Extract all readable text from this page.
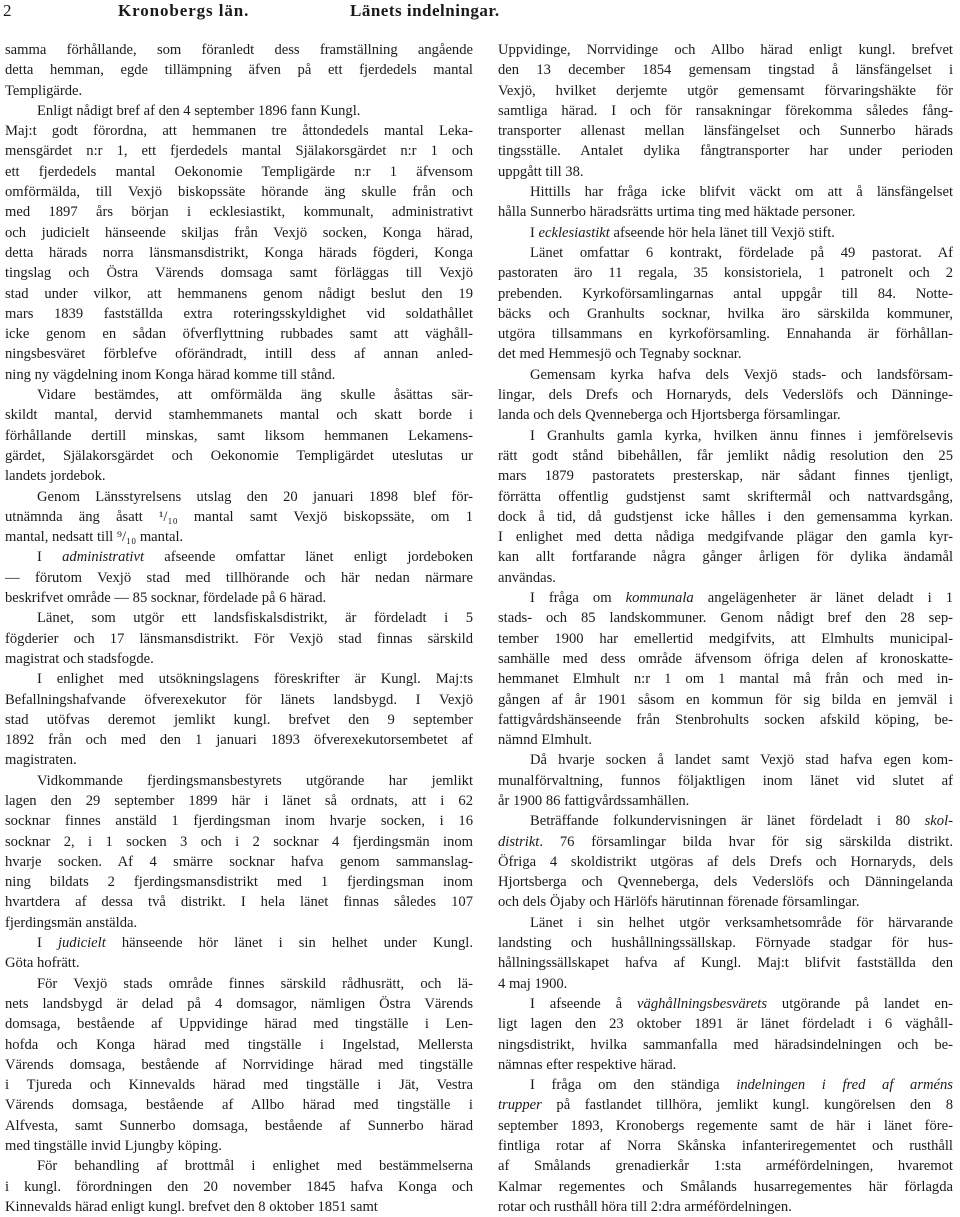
2	Kronobergs län.	Länets indelningar.
samma förhållande, som föranledt dess framställning angående
detta hemman, egde tillämpning äfven på ett fjerdedels mantal
Templigärde.
Enligt nådigt bref af den 4 september 1896 fann Kungl.
Maj:t godt förordna, att hemmanen tre åttondedels mantal Leka-
mensgärdet n:r 1, ett fjerdedels mantal Själakorsgärdet n:r 1 och
ett fjerdedels mantal Oekonomie Templigärde n:r 1 äfvensom
omförmälda, till Vexjö biskopssäte hörande äng skulle från och
med 1897 års början i ecklesiastikt, kommunalt, administrativt
och judicielt hänseende skiljas från Vexjö socken, Konga härad,
detta härads norra länsmansdistrikt, Konga härads fögderi, Konga
tingslag och Östra Värends domsaga samt förläggas till Vexjö
stad under vilkor, att hemmanens genom nådigt beslut den 19
mars 1839 fastställda extra roteringsskyldighet vid soldathållet
icke genom en sådan öfverflyttning rubbades samt att väghåll-
ningsbesväret förblefve oförändradt, intill dess af annan anled-
ning ny vägdelning inom Konga härad komme till stånd.
Vidare bestämdes, att omförmälda äng skulle åsättas sär-
skildt mantal, dervid stamhemmanets mantal och skatt borde i
förhållande dertill minskas, samt liksom hemmanen Lekamens-
gärdet, Själakorsgärdet och Oekonomie Templigärdet uteslutas ur
landets jordebok.
Genom Länsstyrelsens utslag den 20 januari 1898 blef för-
utnämnda äng åsatt ¹/₁₀ mantal samt Vexjö biskopssäte, om 1
mantal, nedsatt till ⁹/₁₀ mantal.
I administrativt afseende omfattar länet enligt jordeboken
— förutom Vexjö stad med tillhörande och här nedan närmare
beskrifvet område — 85 socknar, fördelade på 6 härad.
Länet, som utgör ett landsfiskalsdistrikt, är fördeladt i 5
fögderier och 17 länsmansdistrikt. För Vexjö stad finnas särskild
magistrat och stadsfogde.
I enlighet med utsökningslagens föreskrifter är Kungl. Maj:ts
Befallningshafvande öfverexekutor för länets landsbygd. I Vexjö
stad utöfvas deremot jemlikt kungl. brefvet den 9 september
1892 från och med den 1 januari 1893 öfverexekutorsembetet af
magistraten.
Vidkommande fjerdingsmansbestyrets utgörande har jemlikt
lagen den 29 september 1899 här i länet så ordnats, att i 62
socknar finnes anstäld 1 fjerdingsman inom hvarje socken, i 16
socknar 2, i 1 socken 3 och i 2 socknar 4 fjerdingsmän inom
hvarje socken. Af 4 smärre socknar hafva genom sammanslag-
ning bildats 2 fjerdingsmansdistrikt med 1 fjerdingsman inom
hvartdera af dessa två distrikt. I hela länet finnas således 107
fjerdingsmän anstälda.
I judicielt hänseende hör länet i sin helhet under Kungl.
Göta hofrätt.
För Vexjö stads område finnes särskild rådhusrätt, och lä-
nets landsbygd är delad på 4 domsagor, nämligen Östra Värends
domsaga, bestående af Uppvidinge härad med tingställe i Len-
hofda och Konga härad med tingställe i Ingelstad, Mellersta
Värends domsaga, bestående af Norrvidinge härad med tingställe
i Tjureda och Kinnevalds härad med tingställe i Jät, Vestra
Värends domsaga, bestående af Allbo härad med tingställe i
Alfvesta, samt Sunnerbo domsaga, bestående af Sunnerbo härad
med tingställe invid Ljungby köping.
För behandling af brottmål i enlighet med bestämmelserna
i kungl. förordningen den 20 november 1845 hafva Konga och
Kinnevalds härad enligt kungl. brefvet den 8 oktober 1851 samt
Uppvidinge, Norrvidinge och Allbo härad enligt kungl. brefvet
den 13 december 1854 gemensam tingstad å länsfängelset i
Vexjö, hvilket derjemte utgör gemensamt förvaringshäkte för
samtliga härad. I och för ransakningar förekomma således fång-
transporter allenast mellan länsfängelset och Sunnerbo härads
tingsställe. Antalet dylika fångtransporter har under perioden
uppgått till 38.
Hittills har fråga icke blifvit väckt om att å länsfängelset
hålla Sunnerbo häradsrätts urtima ting med häktade personer.
I ecklesiastikt afseende hör hela länet till Vexjö stift.
Länet omfattar 6 kontrakt, fördelade på 49 pastorat. Af
pastoraten äro 11 regala, 35 konsistoriela, 1 patronelt och 2
prebenden. Kyrkoförsamlingarnas antal uppgår till 84. Notte-
bäcks och Granhults socknar, hvilka äro särskilda kommuner,
utgöra tillsammans en kyrkoförsamling. Ennahanda är förhållan-
det med Hemmesjö och Tegnaby socknar.
Gemensam kyrka hafva dels Vexjö stads- och landsförsam-
lingar, dels Drefs och Hornaryds, dels Vederslöfs och Dänninge-
landa och dels Qvenneberga och Hjortsberga församlingar.
I Granhults gamla kyrka, hvilken ännu finnes i jemförelsevis
rätt godt stånd bibehållen, får jemlikt nådig resolution den 25
mars 1879 pastoratets presterskap, när sådant finnes tjenligt,
förrätta offentlig gudstjenst samt skriftermål och nattvardsgång,
dock å tid, då gudstjenst icke hålles i den gemensamma kyrkan.
I enlighet med detta nådiga medgifvande plägar den gamla kyr-
kan allt fortfarande några gånger årligen för dylika ändamål
användas.
I fråga om kommunala angelägenheter är länet deladt i 1
stads- och 85 landskommuner. Genom nådigt bref den 28 sep-
tember 1900 har emellertid medgifvits, att Elmhults municipal-
samhälle med dess område äfvensom öfriga delen af kronoskatte-
hemmanet Elmhult n:r 1 om 1 mantal må från och med in-
gången af år 1901 såsom en kommun för sig bilda en jemväl i
fattigvårdshänseende från Stenbrohults socken afskild köping, be-
nämnd Elmhult.
Då hvarje socken å landet samt Vexjö stad hafva egen kom-
munalförvaltning, funnos följaktligen inom länet vid slutet af
år 1900 86 fattigvårdssamhällen.
Beträffande folkundervisningen är länet fördeladt i 80 skol-
distrikt. 76 församlingar bilda hvar för sig särskilda distrikt.
Öfriga 4 skoldistrikt utgöras af dels Drefs och Hornaryds, dels
Hjortsberga och Qvenneberga, dels Vederslöfs och Dänningelanda
och dels Öjaby och Härlöfs härutinnan förenade församlingar.
Länet i sin helhet utgör verksamhetsområde för härvarande
landsting och hushållningssällskap. Förnyade stadgar för hus-
hållningssällskapet hafva af Kungl. Maj:t blifvit fastställda den
4 maj 1900.
I afseende å väghållningsbesvärets utgörande på landet en-
ligt lagen den 23 oktober 1891 är länet fördeladt i 6 väghåll-
ningsdistrikt, hvilka sammanfalla med häradsindelningen och be-
nämnas efter respektive härad.
I fråga om den ständiga indelningen i fred af arméns
trupper på fastlandet tillhöra, jemlikt kungl. kungörelsen den 8
september 1893, Kronobergs regemente samt de här i länet före-
fintliga rotar af Norra Skånska infanteriregementet och rusthåll
af Smålands grenadierkår 1:sta arméfördelningen, hvaremot
Kalmar regementes och Smålands husarregementes här förlagda
rotar och rusthåll höra till 2:dra arméfördelningen.
